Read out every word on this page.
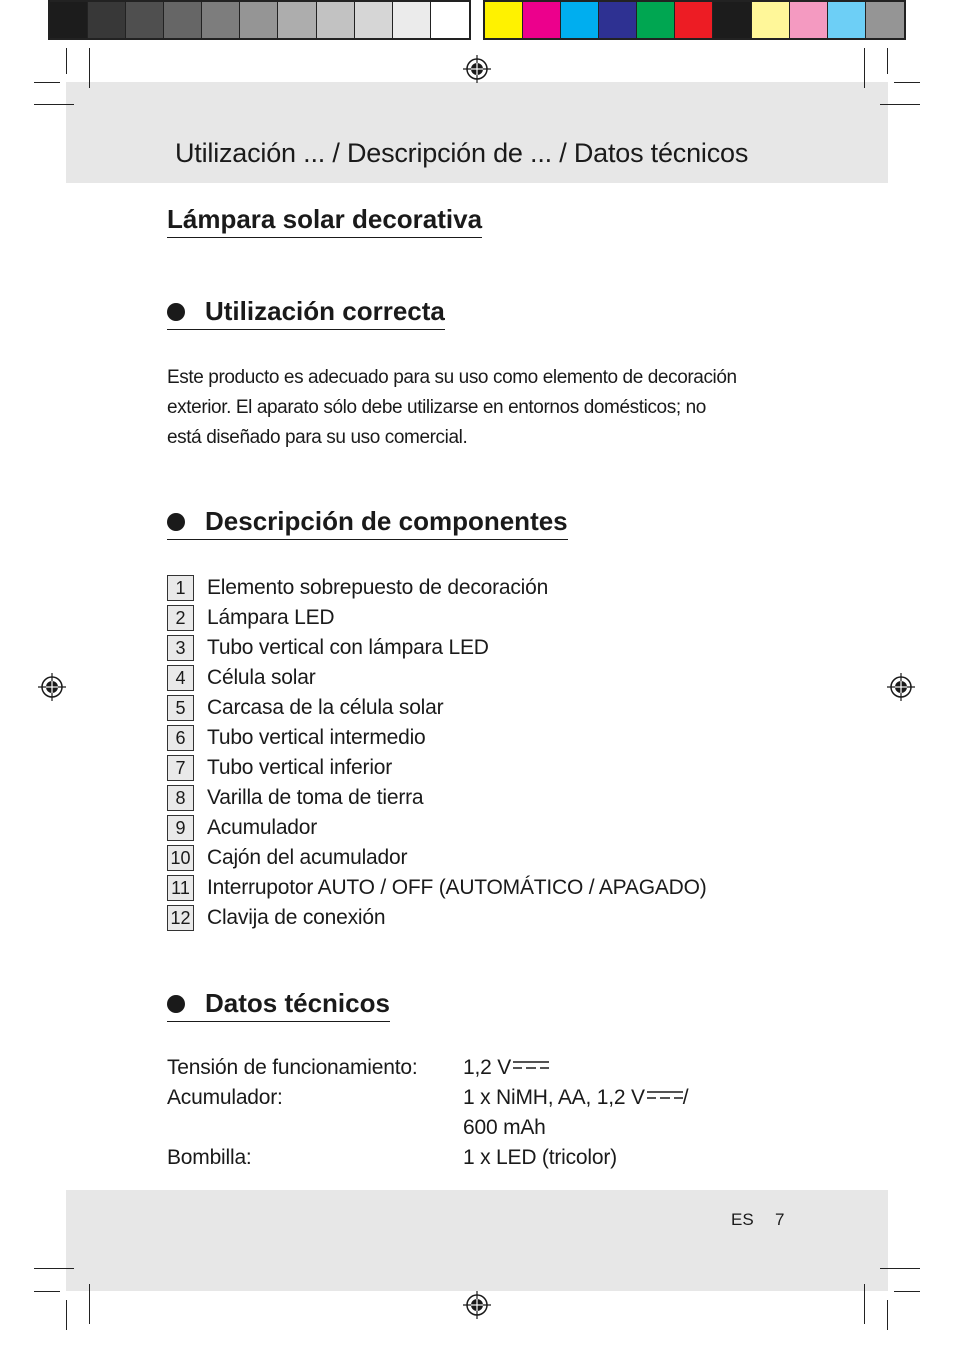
Utilización ... / Descripción de ... / Datos técnicos
Lámpara solar decorativa
Utilización correcta
Este producto es adecuado para su uso como elemento de decoración
exterior. El aparato sólo debe utilizarse en entornos domésticos; no
está diseñado para su uso comercial.
Descripción de componentes
1	Elemento sobrepuesto de decoración
2	Lámpara LED
3	Tubo vertical con lámpara LED
4	Célula solar
5	Carcasa de la célula solar
6	Tubo vertical intermedio
7	Tubo vertical inferior
8	Varilla de toma de tierra
9	Acumulador
10 Cajón del acumulador
11 Interrupotor AUTO / OFF (AUTOMÁTICO / APAGADO)
12 Clavija de conexión
Datos técnicos
Tensión de funcionamiento:	1,2 V
Acumulador:	1 x NiMH, AA, 1,2 V /
600 mAh
Bombilla:	1 x LED (tricolor)
ES 7
